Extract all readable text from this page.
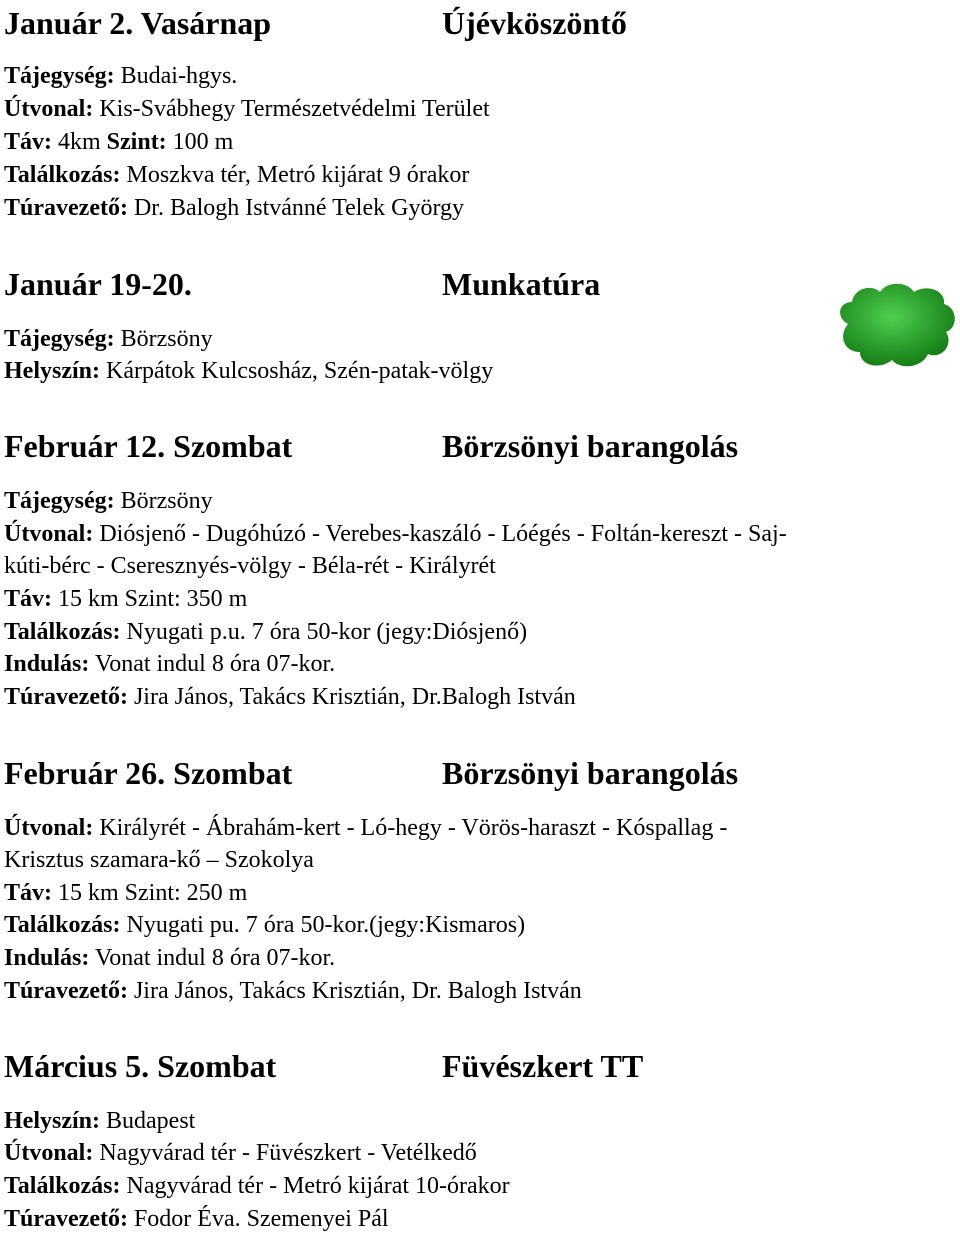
Január 2. Vasárnap	Újévköszöntő
Tájegység: Budai-hgys.
Útvonal: Kis-Svábhegy Természetvédelmi Terület
Táv: 4km Szint: 100 m
Találkozás: Moszkva tér, Metró kijárat 9 órakor
Túravezető: Dr. Balogh Istvánné Telek György
Január 19-20.	Munkatúra
Tájegység: Börzsöny
Helyszín: Kárpátok Kulcsosház, Szén-patak-völgy
Február 12. Szombat	Börzsönyi barangolás
Tájegység: Börzsöny
Útvonal: Diósjenő - Dugóhúzó - Verebes-kaszáló - Lóégés - Foltán-kereszt - Saj-
kúti-bérc - Cseresznyés-völgy - Béla-rét - Királyrét
Táv: 15 km Szint: 350 m
Találkozás: Nyugati p.u. 7 óra 50-kor (jegy:Diósjenő)
Indulás: Vonat indul 8 óra 07-kor.
Túravezető: Jira János, Takács Krisztián, Dr.Balogh István
Február 26. Szombat	Börzsönyi barangolás
Útvonal: Királyrét - Ábrahám-kert - Ló-hegy - Vörös-haraszt - Kóspallag -
Krisztus szamara-kő – Szokolya
Táv: 15 km Szint: 250 m
Találkozás: Nyugati pu. 7 óra 50-kor.(jegy:Kismaros)
Indulás: Vonat indul 8 óra 07-kor.
Túravezető: Jira János, Takács Krisztián, Dr. Balogh István
Március 5. Szombat	Füvészkert TT
Helyszín: Budapest
Útvonal: Nagyvárad tér - Füvészkert - Vetélkedő
Találkozás: Nagyvárad tér - Metró kijárat 10-órakor
Túravezető: Fodor Éva. Szemenyei Pál
